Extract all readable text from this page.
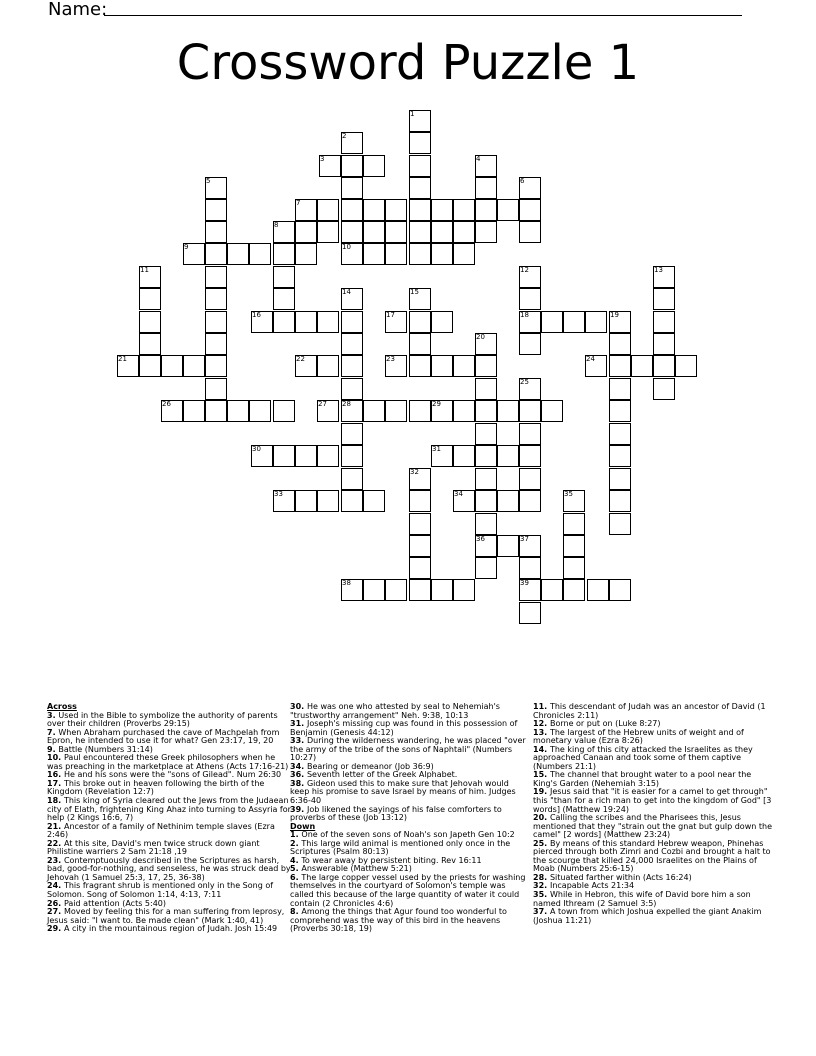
Name:
Crossword Puzzle 1
1
2
3	4
5	6
7
8
9	10
11	12	13
14	15
16	17	18	19
20
21	22	23	24
25
26	27 28	29
30	31
32
33	34	35
36	37
38	39
Across
3. Used in the Bible to symbolize the authority of parents over their children (Proverbs 29:15)
7. When Abraham purchased the cave of Machpelah from Epron, he intended to use it for what? Gen 23:17, 19, 20
9. Battle (Numbers 31:14)
10. Paul encountered these Greek philosophers when he was preaching in the marketplace at Athens (Acts 17:16-21)
16. He and his sons were the "sons of Gilead". Num 26:30
17. This broke out in heaven following the birth of the Kingdom (Revelation 12:7)
18. This king of Syria cleared out the Jews from the Judaean city of Elath, frightening King Ahaz into turning to Assyria for help (2 Kings 16:6, 7)
21. Ancestor of a family of Nethinim temple slaves (Ezra 2:46)
22. At this site, David's men twice struck down giant Philistine warriers 2 Sam 21:18 ,19
23. Contemptuously described in the Scriptures as harsh, bad, good-for-nothing, and senseless, he was struck dead by Jehovah (1 Samuel 25:3, 17, 25, 36-38)
24. This fragrant shrub is mentioned only in the Song of Solomon. Song of Solomon 1:14, 4:13, 7:11
26. Paid attention (Acts 5:40)
27. Moved by feeling this for a man suffering from leprosy, Jesus said: "I want to. Be made clean" (Mark 1:40, 41)
29. A city in the mountainous region of Judah. Josh 15:49
30. He was one who attested by seal to Nehemiah's "trustworthy arrangement" Neh. 9:38, 10:13
31. Joseph's missing cup was found in this possession of Benjamin (Genesis 44:12)
33. During the wilderness wandering, he was placed "over the army of the tribe of the sons of Naphtali" (Numbers 10:27)
34. Bearing or demeanor (Job 36:9)
36. Seventh letter of the Greek Alphabet.
38. Gideon used this to make sure that Jehovah would keep his promise to save Israel by means of him. Judges 6:36-40
39. Job likened the sayings of his false comforters to proverbs of these (Job 13:12)
Down
1. One of the seven sons of Noah's son Japeth Gen 10:2
2. This large wild animal is mentioned only once in the Scriptures (Psalm 80:13)
4. To wear away by persistent biting. Rev 16:11
5. Answerable (Matthew 5:21)
6. The large copper vessel used by the priests for washing themselves in the courtyard of Solomon's temple was called this because of the large quantity of water it could contain (2 Chronicles 4:6)
8. Among the things that Agur found too wonderful to comprehend was the way of this bird in the heavens (Proverbs 30:18, 19)
11. This descendant of Judah was an ancestor of David (1 Chronicles 2:11)
12. Borne or put on (Luke 8:27)
13. The largest of the Hebrew units of weight and of monetary value (Ezra 8:26)
14. The king of this city attacked the Israelites as they approached Canaan and took some of them captive (Numbers 21:1)
15. The channel that brought water to a pool near the King's Garden (Nehemiah 3:15)
19. Jesus said that "it is easier for a camel to get through" this "than for a rich man to get into the kingdom of God" [3 words] (Matthew 19:24)
20. Calling the scribes and the Pharisees this, Jesus mentioned that they "strain out the gnat but gulp down the camel" [2 words] (Matthew 23:24)
25. By means of this standard Hebrew weapon, Phinehas pierced through both Zimri and Cozbi and brought a halt to the scourge that killed 24,000 Israelites on the Plains of Moab (Numbers 25:6-15)
28. Situated farther within (Acts 16:24)
32. Incapable Acts 21:34
35. While in Hebron, this wife of David bore him a son named Ithream (2 Samuel 3:5)
37. A town from which Joshua expelled the giant Anakim (Joshua 11:21)
